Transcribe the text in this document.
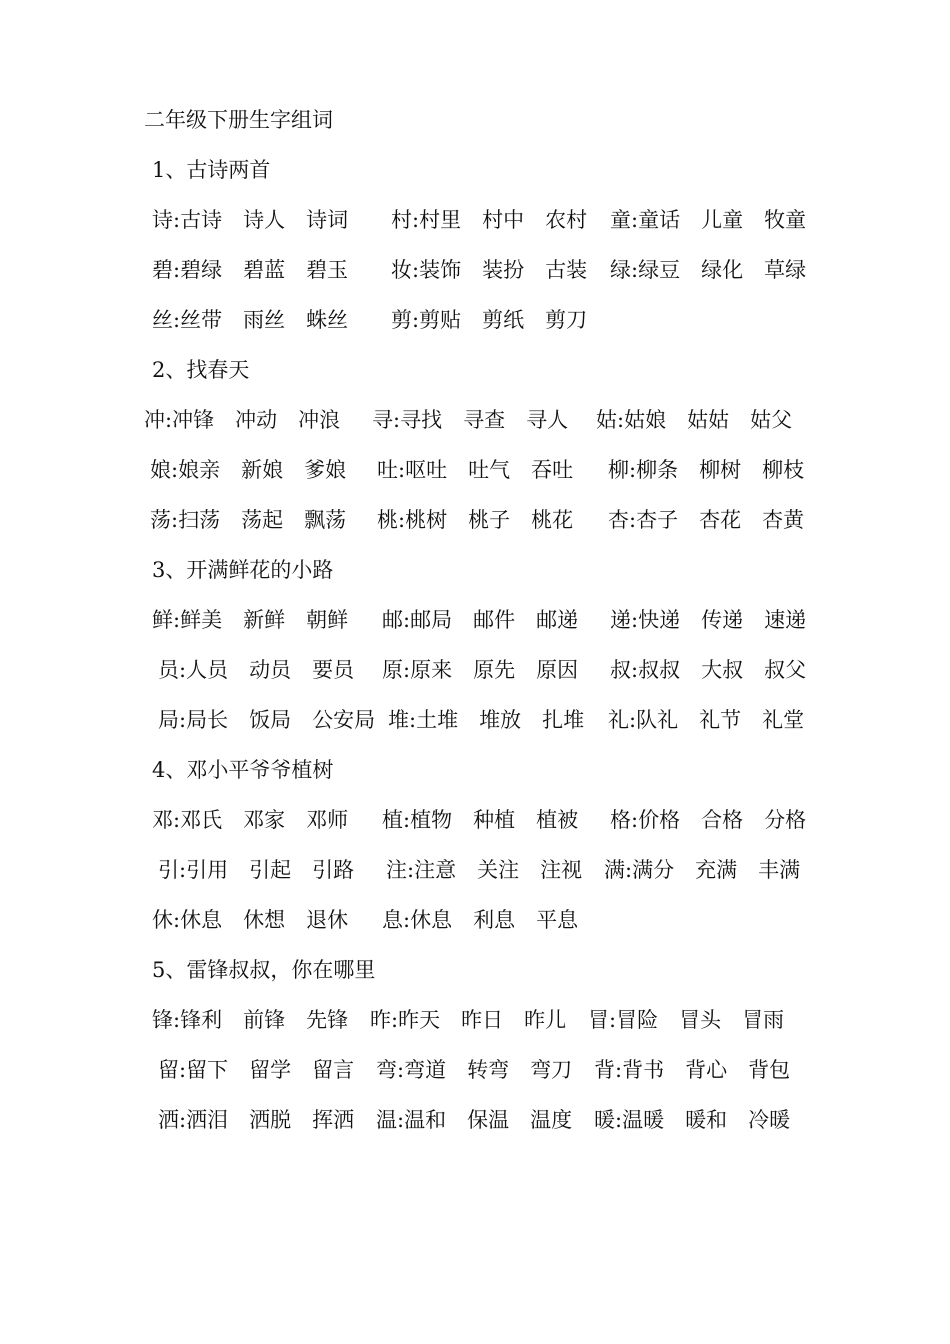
二年级下册生字组词
1、古诗两首
诗:古诗　诗人　诗词 村:村里　村中　农村 童:童话　儿童　牧童
碧:碧绿　碧蓝　碧玉 妆:装饰　装扮　古装 绿:绿豆　绿化　草绿
丝:丝带　雨丝　蛛丝 剪:剪贴　剪纸　剪刀
2、找春天
冲:冲锋　冲动　冲浪 寻:寻找　寻查　寻人 姑:姑娘　姑姑　姑父
娘:娘亲　新娘　爹娘 吐:呕吐　吐气　吞吐 柳:柳条　柳树　柳枝
荡:扫荡　荡起　飘荡 桃:桃树　桃子　桃花 杏:杏子　杏花　杏黄
3、开满鲜花的小路
鲜:鲜美　新鲜　朝鲜 邮:邮局　邮件　邮递 递:快递　传递　速递
员:人员　动员　要员 原:原来　原先　原因 叔:叔叔　大叔　叔父
局:局长　饭局　公安局 堆:土堆　堆放　扎堆 礼:队礼　礼节　礼堂
4、邓小平爷爷植树
邓:邓氏　邓家　邓师 植:植物　种植　植被 格:价格　合格　分格
引:引用　引起　引路 注:注意　关注　注视 满:满分　充满　丰满
休:休息　休想　退休 息:休息　利息　平息
5、雷锋叔叔，你在哪里
锋:锋利　前锋　先锋 昨:昨天　昨日　昨儿 冒:冒险　冒头　冒雨
留:留下　留学　留言 弯:弯道　转弯　弯刀 背:背书　背心　背包
洒:洒泪　洒脱　挥洒 温:温和　保温　温度 暖:温暖　暖和　冷暖
